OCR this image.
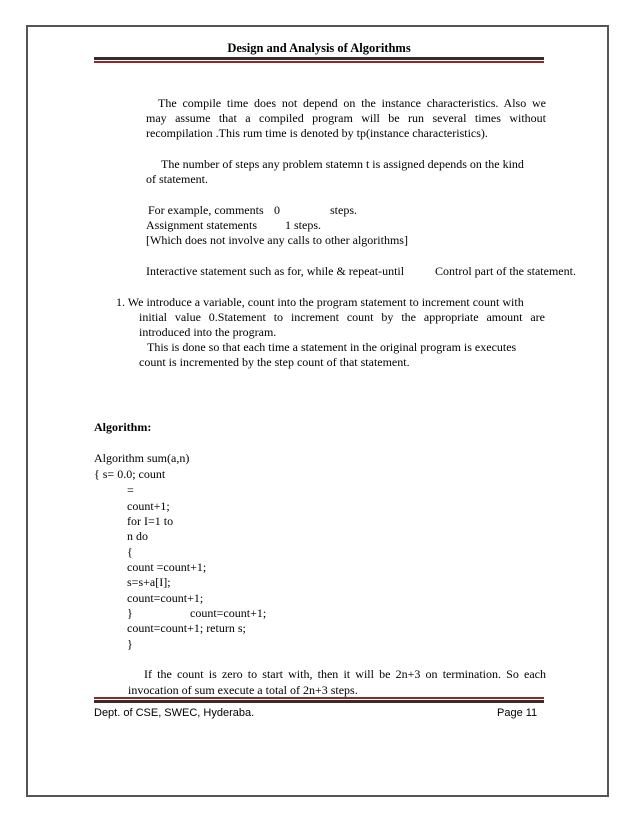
Design and Analysis of Algorithms
The compile time does not depend on the instance characteristics. Also we
may assume that a compiled program will be run several times without
recompilation .This rum time is denoted by tp(instance characteristics).
The number of steps any problem statemn t is assigned depends on the kind
of statement.
For example, comments 0	steps.
Assignment statements 1 steps.
[Which does not involve any calls to other algorithms]
Interactive statement such as for, while & repeat-until	Control part of the statement.
1. We introduce a variable, count into the program statement to increment count with
initial value 0.Statement to increment count by the appropriate amount are
introduced into the program.
This is done so that each time a statement in the original program is executes
count is incremented by the step count of that statement.
Algorithm:
Algorithm sum(a,n)
{ s= 0.0; count
=
count+1;
for I=1 to
n do
{
count =count+1;
s=s+a[I];
count=count+1;
}	count=count+1;
count=count+1; return s;
}
If the count is zero to start with, then it will be 2n+3 on termination. So each
invocation of sum execute a total of 2n+3 steps.
Dept. of CSE, SWEC, Hyderaba.	Page 11
